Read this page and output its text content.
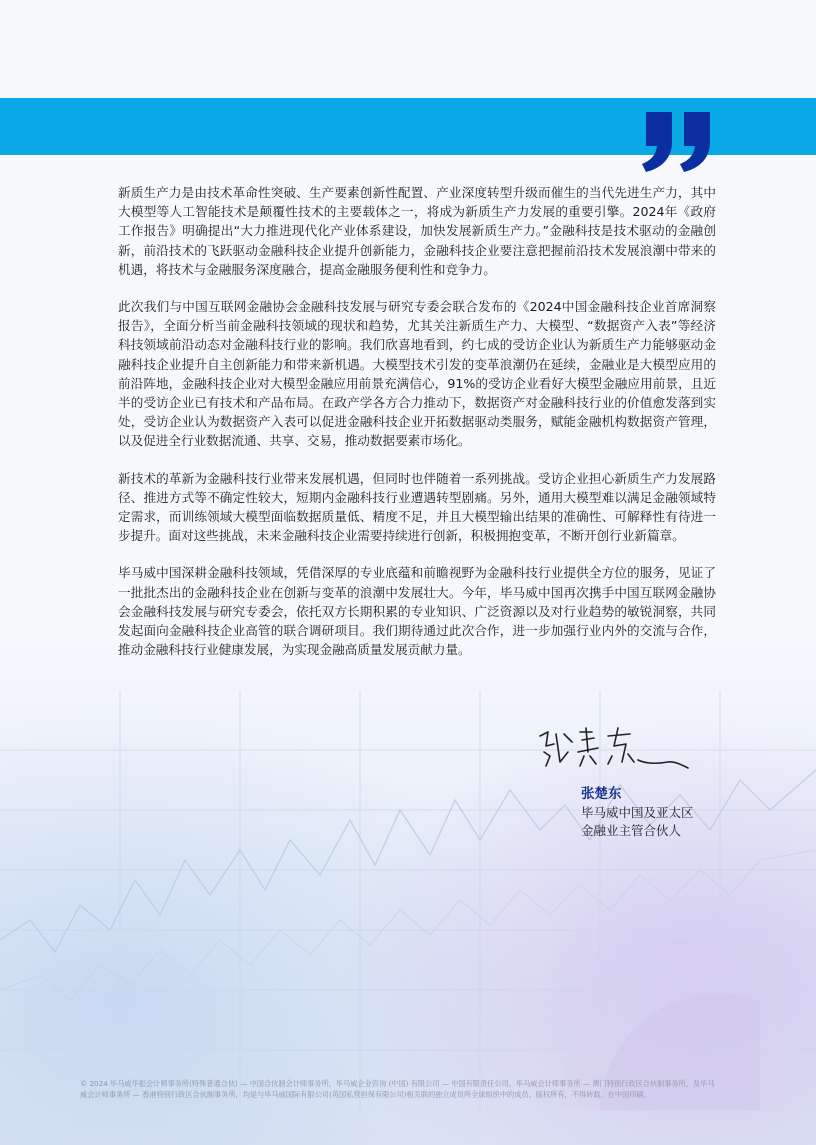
新质生产力是由技术革命性突破、生产要素创新性配置、产业深度转型升级而催生的当代先进生产力，其中大模型等人工智能技术是颠覆性技术的主要载体之一，将成为新质生产力发展的重要引擎。2024年《政府工作报告》明确提出“大力推进现代化产业体系建设，加快发展新质生产力。”金融科技是技术驱动的金融创新，前沿技术的飞跃驱动金融科技企业提升创新能力，金融科技企业要注意把握前沿技术发展浪潮中带来的机遇，将技术与金融服务深度融合，提高金融服务便利性和竞争力。

此次我们与中国互联网金融协会金融科技发展与研究专委会联合发布的《2024中国金融科技企业首席洞察报告》，全面分析当前金融科技领域的现状和趋势，尤其关注新质生产力、大模型、“数据资产入表”等经济科技领域前沿动态对金融科技行业的影响。我们欣喜地看到，约七成的受访企业认为新质生产力能够驱动金融科技企业提升自主创新能力和带来新机遇。大模型技术引发的变革浪潮仍在延续，金融业是大模型应用的前沿阵地，金融科技企业对大模型金融应用前景充满信心，91%的受访企业看好大模型金融应用前景，且近半的受访企业已有技术和产品布局。在政产学各方合力推动下，数据资产对金融科技行业的价值愈发落到实处，受访企业认为数据资产入表可以促进金融科技企业开拓数据驱动类服务，赋能金融机构数据资产管理，以及促进全行业数据流通、共享、交易，推动数据要素市场化。

新技术的革新为金融科技行业带来发展机遇，但同时也伴随着一系列挑战。受访企业担心新质生产力发展路径、推进方式等不确定性较大，短期内金融科技行业遭遇转型剧痛。另外，通用大模型难以满足金融领域特定需求，而训练领域大模型面临数据质量低、精度不足，并且大模型输出结果的准确性、可解释性有待进一步提升。面对这些挑战，未来金融科技企业需要持续进行创新，积极拥抱变革，不断开创行业新篇章。

毕马威中国深耕金融科技领域，凭借深厚的专业底蕴和前瞻视野为金融科技行业提供全方位的服务，见证了一批批杰出的金融科技企业在创新与变革的浪潮中发展壮大。今年，毕马威中国再次携手中国互联网金融协会金融科技发展与研究专委会，依托双方长期积累的专业知识、广泛资源以及对行业趋势的敏锐洞察，共同发起面向金融科技企业高管的联合调研项目。我们期待通过此次合作，进一步加强行业内外的交流与合作，推动金融科技行业健康发展，为实现金融高质量发展贡献力量。

张楚东
毕马威中国及亚太区
金融业主管合伙人
© 2024 毕马威华振会计师事务所(特殊普通合伙) — 中国合伙制会计师事务所，毕马威企业咨询 (中国) 有限公司 — 中国有限责任公司，毕马威会计师事务所 — 澳门特别行政区合伙制事务所，及毕马威会计师事务所 — 香港特别行政区合伙制事务所，均是与毕马威国际有限公司(英国私营担保有限公司)相关联的独立成员所全球组织中的成员。版权所有，不得转载。在中国印刷。
